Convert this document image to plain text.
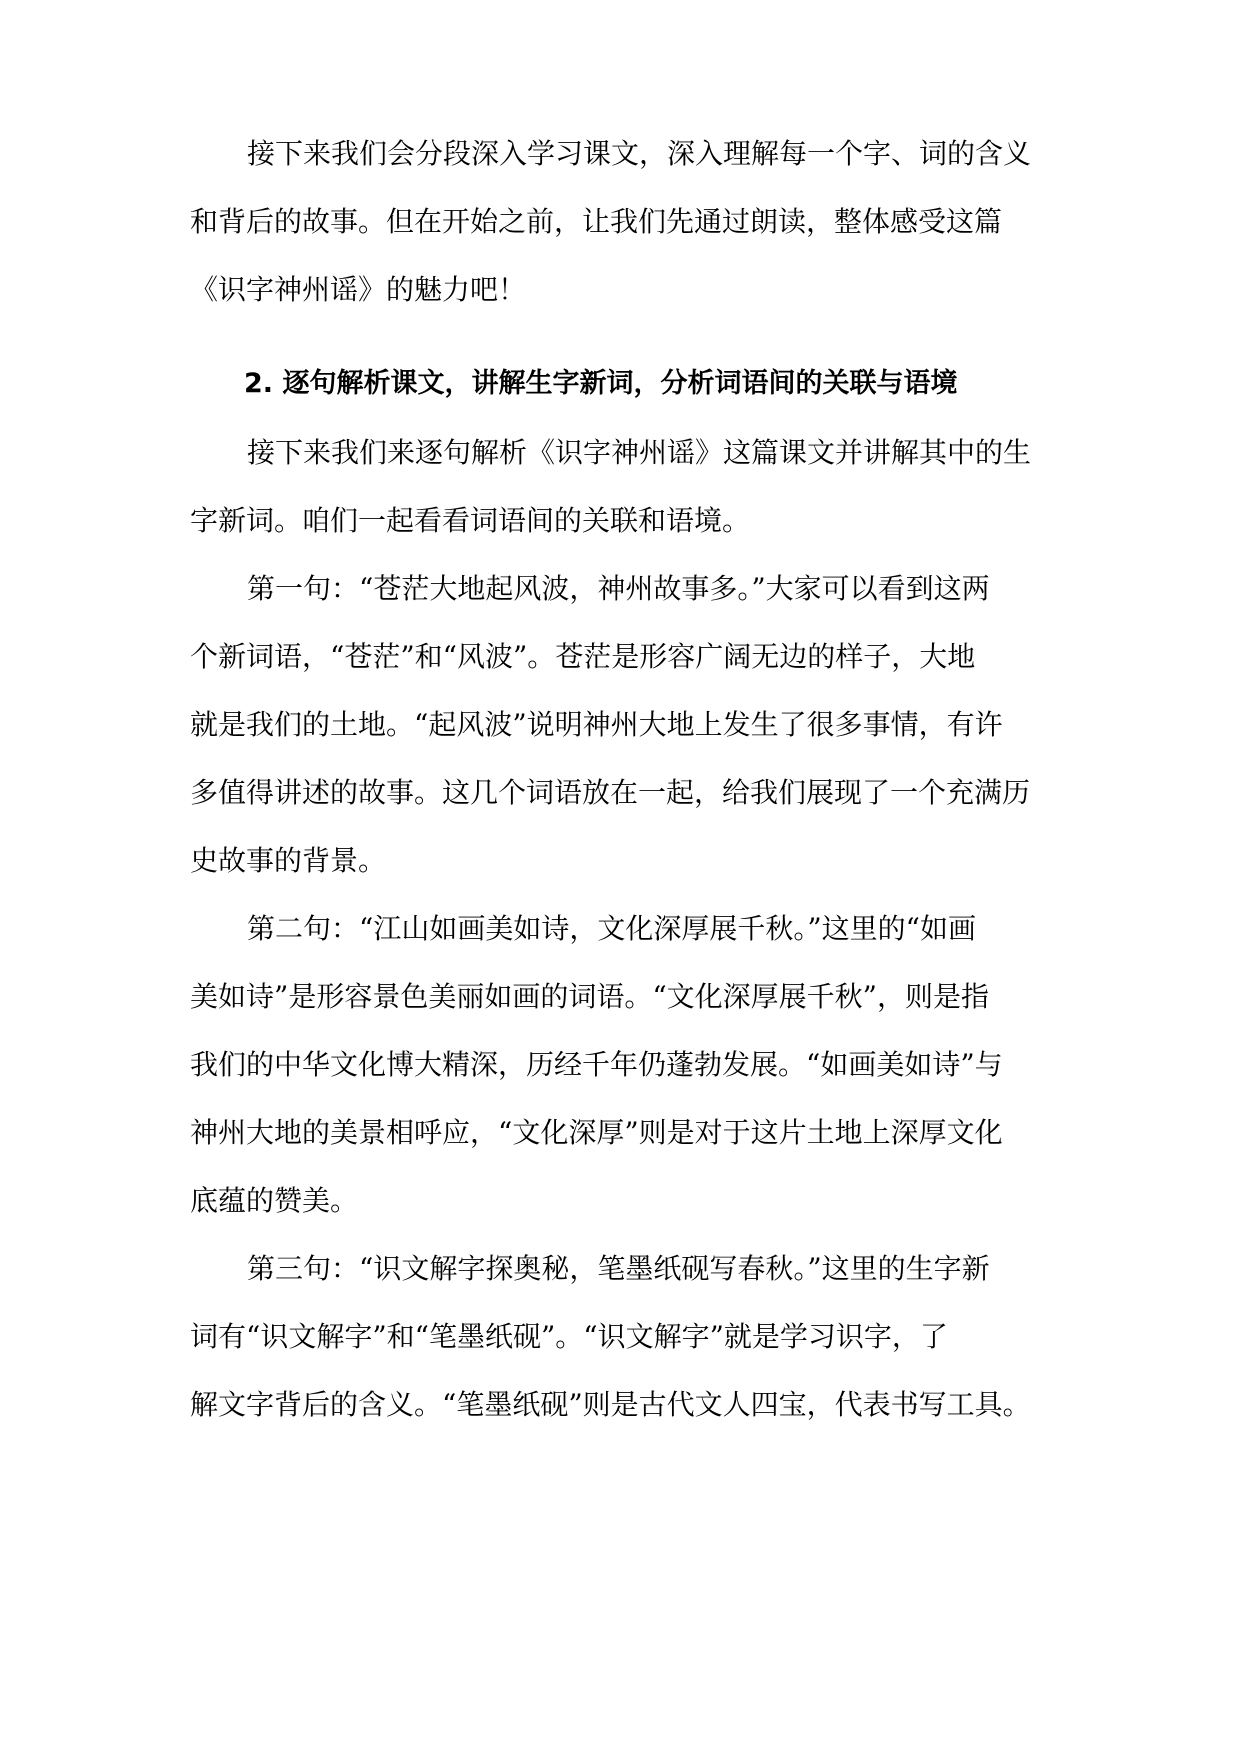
接下来我们会分段深入学习课文，深入理解每一个字、词的含义
和背后的故事。但在开始之前，让我们先通过朗读，整体感受这篇
《识字神州谣》的魅力吧！
2. 逐句解析课文，讲解生字新词，分析词语间的关联与语境
接下来我们来逐句解析《识字神州谣》这篇课文并讲解其中的生
字新词。咱们一起看看词语间的关联和语境。
第一句：“苍茫大地起风波，神州故事多。”大家可以看到这两
个新词语，“苍茫”和“风波”。苍茫是形容广阔无边的样子，大地
就是我们的土地。“起风波”说明神州大地上发生了很多事情，有许
多值得讲述的故事。这几个词语放在一起，给我们展现了一个充满历
史故事的背景。
第二句：“江山如画美如诗，文化深厚展千秋。”这里的“如画
美如诗”是形容景色美丽如画的词语。“文化深厚展千秋”，则是指
我们的中华文化博大精深，历经千年仍蓬勃发展。“如画美如诗”与
神州大地的美景相呼应，“文化深厚”则是对于这片土地上深厚文化
底蕴的赞美。
第三句：“识文解字探奥秘，笔墨纸砚写春秋。”这里的生字新
词有“识文解字”和“笔墨纸砚”。“识文解字”就是学习识字，了
解文字背后的含义。“笔墨纸砚”则是古代文人四宝，代表书写工具。
